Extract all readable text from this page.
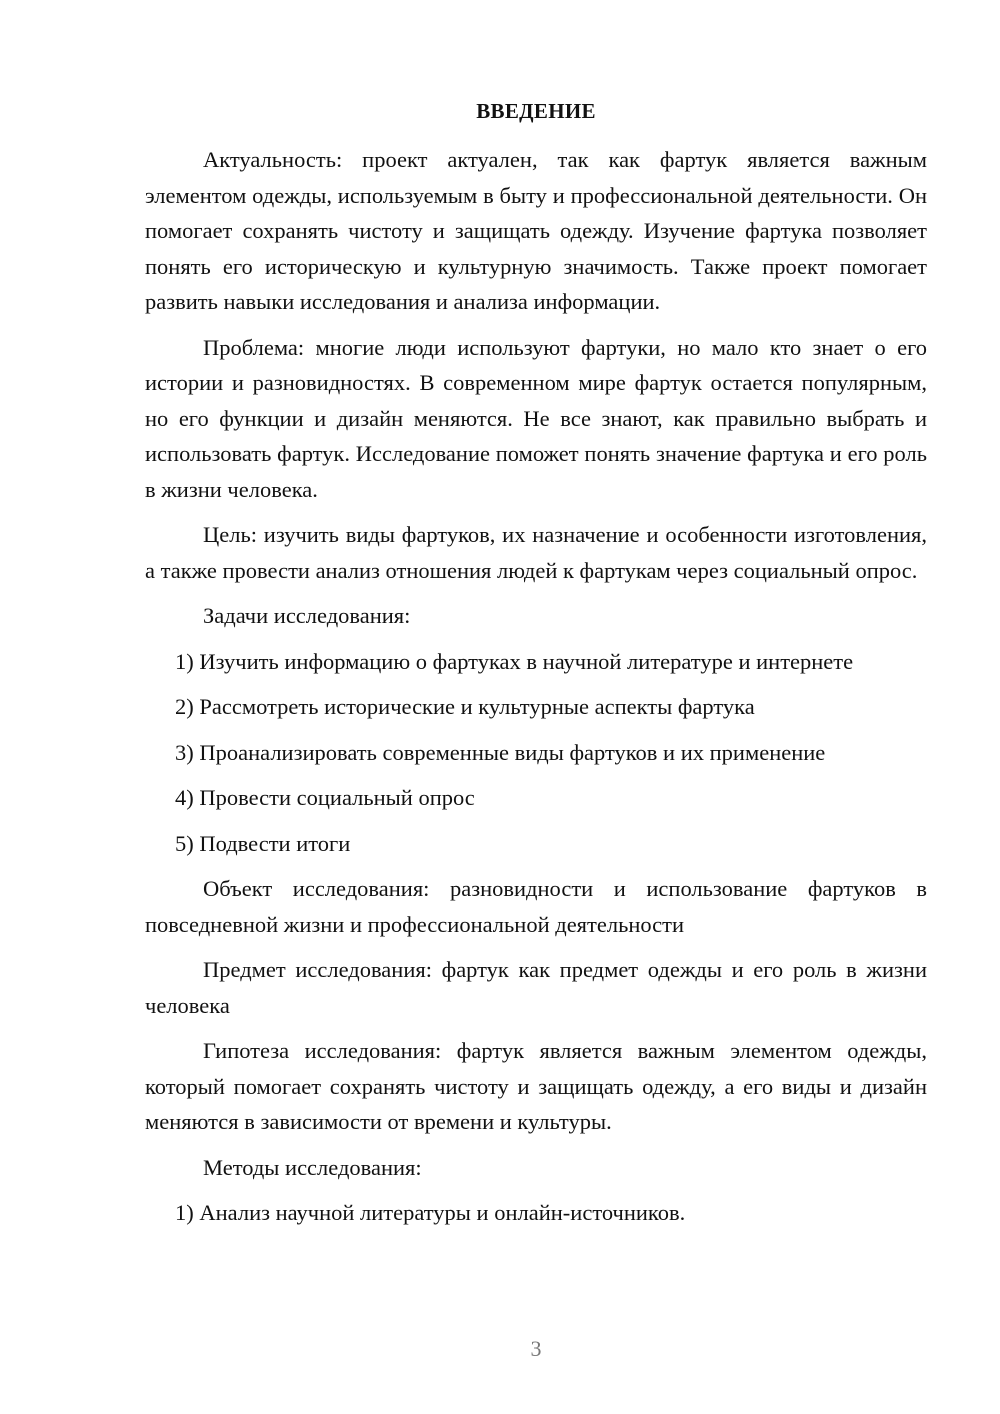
ВВЕДЕНИЕ

Актуальность: проект актуален, так как фартук является важным элементом одежды, используемым в быту и профессиональной деятельности. Он помогает сохранять чистоту и защищать одежду. Изучение фартука позволяет понять его историческую и культурную значимость. Также проект помогает развить навыки исследования и анализа информации.

Проблема: многие люди используют фартуки, но мало кто знает о его истории и разновидностях. В современном мире фартук остается популярным, но его функции и дизайн меняются. Не все знают, как правильно выбрать и использовать фартук. Исследование поможет понять значение фартука и его роль в жизни человека.

Цель: изучить виды фартуков, их назначение и особенности изготовления, а также провести анализ отношения людей к фартукам через социальный опрос.

Задачи исследования:

1) Изучить информацию о фартуках в научной литературе и интернете

2) Рассмотреть исторические и культурные аспекты фартука

3) Проанализировать современные виды фартуков и их применение

4) Провести социальный опрос

5) Подвести итоги

Объект исследования: разновидности и использование фартуков в повседневной жизни и профессиональной деятельности

Предмет исследования: фартук как предмет одежды и его роль в жизни человека

Гипотеза исследования: фартук является важным элементом одежды, который помогает сохранять чистоту и защищать одежду, а его виды и дизайн меняются в зависимости от времени и культуры.

Методы исследования:

1) Анализ научной литературы и онлайн-источников.

3
